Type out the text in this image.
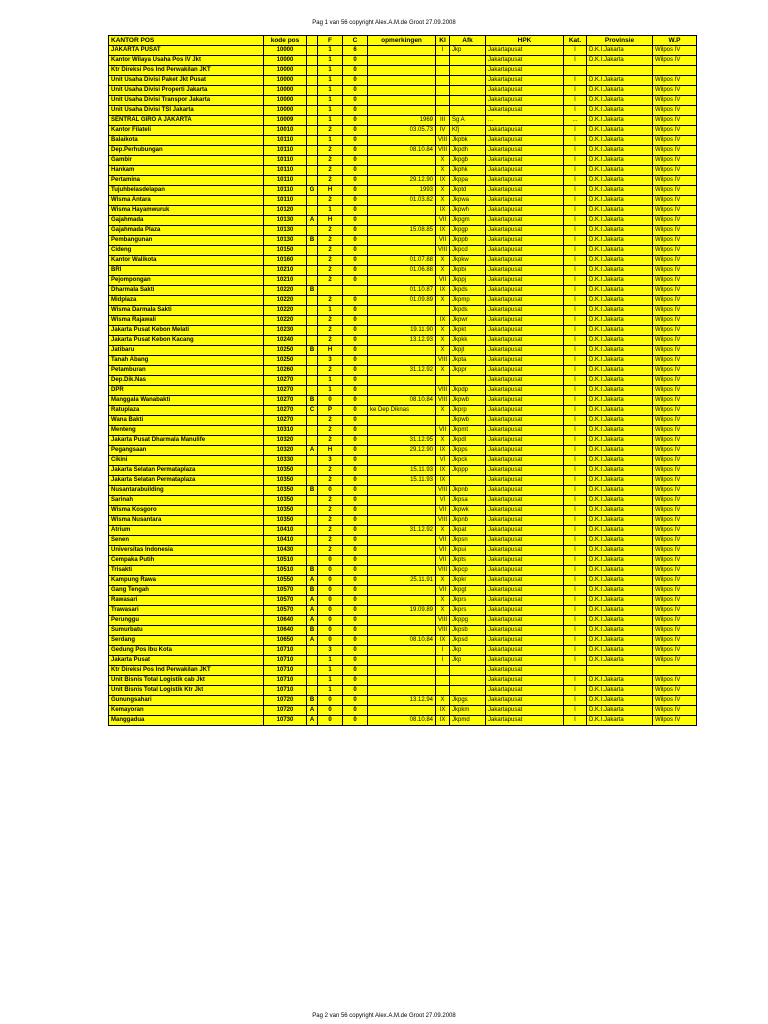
Pag 1 van 56 copyright Alex.A.M.de Groot 27.09.2008
KANTOR POS	kode pos		F	C	opmerkingen	Kl	Afk	HPK	Kat.	Provinsie	W.P
JAKARTA PUSAT	10000		1	6		I	Jkp	Jakartapusat	I	D.K.I.Jakarta	Wilpos IV
Kantor Wilaya Usaha Pos IV Jkt	10000		1	0				Jakartapusat	I	D.K.I.Jakarta	Wilpos IV
Ktr Direksi Pos Ind Perwakilan JKT	10000		1	0				Jakartapusat			
Unit Usaha Divisi Paket Jkt Pusat	10000		1	0				Jakartapusat	I	D.K.I.Jakarta	Wilpos IV
Unit Usaha Divisi Properti Jakarta	10000		1	0				Jakartapusat	I	D.K.I.Jakarta	Wilpos IV
Unit Usaha Divisi Transpor Jakarta	10000		1	0				Jakartapusat	I	D.K.I.Jakarta	Wilpos IV
Unit Usaha Divisi TSI Jakarta	10000		1	0				Jakartapusat	I	D.K.I.Jakarta	Wilpos IV
SENTRAL GIRO A JAKARTA	10009		1	0	1969	III	Sg A	...	...	D.K.I.Jakarta	Wilpos IV
Kantor Filateli	10010		2	0	03.05.73	IV	Kfj	Jakartapusat	I	D.K.I.Jakarta	Wilpos IV
Balaikota	10110		1	0		VIII	Jkpbk	Jakartapusat	I	D.K.I.Jakarta	Wilpos IV
Dep.Perhubungan	10110		2	0	08.10.84	VIII	Jkpdh	Jakartapusat	I	D.K.I.Jakarta	Wilpos IV
Gambir	10110		2	0		X	Jkpgb	Jakartapusat	I	D.K.I.Jakarta	Wilpos IV
Hankam	10110		2	0		X	Jkphk	Jakartapusat	I	D.K.I.Jakarta	Wilpos IV
Pertamina	10110		2	0	29.12.90	IX	Jkppa	Jakartapusat	I	D.K.I.Jakarta	Wilpos IV
Tujuhbelasdelapan	10110	G	H	0	1993	X	Jkptd	Jakartapusat	I	D.K.I.Jakarta	Wilpos IV
Wisma Antara	10110		2	0	01.03.82	X	Jkpwa	Jakartapusat	I	D.K.I.Jakarta	Wilpos IV
Wisma Hayamwuruk	10120		1	0		IX	Jkpwh	Jakartapusat	I	D.K.I.Jakarta	Wilpos IV
Gajahmada	10130	A	H	0		VII	Jkpgm	Jakartapusat	I	D.K.I.Jakarta	Wilpos IV
Gajahmada Plaza	10130		2	0	15.08.85	IX	Jkpgp	Jakartapusat	I	D.K.I.Jakarta	Wilpos IV
Pembangunan	10130	B	2	0		VII	Jkppb	Jakartapusat	I	D.K.I.Jakarta	Wilpos IV
Cideng	10150		2	0		VIII	Jkpcd	Jakartapusat	I	D.K.I.Jakarta	Wilpos IV
Kantor Walikota	10160		2	0	01.07.88	X	Jkpkw	Jakartapusat	I	D.K.I.Jakarta	Wilpos IV
BRI	10210		2	0	01.06.88	X	Jkpbi	Jakartapusat	I	D.K.I.Jakarta	Wilpos IV
Pejompongan	10210		2	0		VII	Jkppj	Jakartapusat	I	D.K.I.Jakarta	Wilpos IV
Dharmala Sakti	10220	B			01.10.87	IX	Jkpds	Jakartapusat	I	D.K.I.Jakarta	Wilpos IV
Midplaza	10220		2	0	01.09.89	X	Jkpmp	Jakartapusat	I	D.K.I.Jakarta	Wilpos IV
Wisma Darmala Sakti	10220		1	0			Jkpds	Jakartapusat	I	D.K.I.Jakarta	Wilpos IV
Wisma Rajawali	10220		2	0		IX	Jkpwr	Jakartapusat	I	D.K.I.Jakarta	Wilpos IV
Jakarta Pusat Kebon Melati	10230		2	0	19.11.90	X	Jkpkt	Jakartapusat	I	D.K.I.Jakarta	Wilpos IV
Jakarta Pusat Kebon Kacang	10240		2	0	13.12.93	X	Jkpkk	Jakartapusat	I	D.K.I.Jakarta	Wilpos IV
Jatibaru	10250	B	H	0		X	Jkpjt	Jakartapusat	I	D.K.I.Jakarta	Wilpos IV
Tanah Abang	10250		3	0		VIII	Jkpta	Jakartapusat	I	D.K.I.Jakarta	Wilpos IV
Petamburan	10260		2	0	31.12.92	X	Jkppr	Jakartapusat	I	D.K.I.Jakarta	Wilpos IV
Dep.Dik.Nas	10270		1	0				Jakartapusat	I	D.K.I.Jakarta	Wilpos IV
DPR	10270		1	0		VIII	Jkpdp	Jakartapusat	I	D.K.I.Jakarta	Wilpos IV
Manggala Wanabakti	10270	B	0	0	08.10.84	VIII	Jkpwb	Jakartapusat	I	D.K.I.Jakarta	Wilpos IV
Ratuplaza	10270	C	P	0	ke Dep Diknas	X	Jkprp	Jakartapusat	I	D.K.I.Jakarta	Wilpos IV
Wana Bakti	10270		2	0			Jkpwb	Jakartapusat	I	D.K.I.Jakarta	Wilpos IV
Menteng	10310		2	0		VII	Jkpmt	Jakartapusat	I	D.K.I.Jakarta	Wilpos IV
Jakarta Pusat Dharmala Manulife	10320		2	0	31.12.95	X	Jkpdl	Jakartapusat	I	D.K.I.Jakarta	Wilpos IV
Pegangsaan	10320	A	H	0	29.12.90	IX	Jkpps	Jakartapusat	I	D.K.I.Jakarta	Wilpos IV
Cikini	10330		3	0		VI	Jkpck	Jakartapusat	I	D.K.I.Jakarta	Wilpos IV
Jakarta Selatan Permataplaza	10350		2	0	15.11.93	IX	Jkppp	Jakartapusat	I	D.K.I.Jakarta	Wilpos IV
Jakarta Selatan Permataplaza	10350		2	0	15.11.93	IX		Jakartapusat	I	D.K.I.Jakarta	Wilpos IV
Nusantarabuilding	10350	B	0	0		VIII	Jkpnb	Jakartapusat	I	D.K.I.Jakarta	Wilpos IV
Sarinah	10350		2	0		VI	Jkpsa	Jakartapusat	I	D.K.I.Jakarta	Wilpos IV
Wisma Kosgoro	10350		2	0		VII	Jkpwk	Jakartapusat	I	D.K.I.Jakarta	Wilpos IV
Wisma Nusantara	10350		2	0		VIII	Jkpnb	Jakartapusat	I	D.K.I.Jakarta	Wilpos IV
Atrium	10410		2	0	31.12.92	X	Jkpat	Jakartapusat	I	D.K.I.Jakarta	Wilpos IV
Senen	10410		2	0		VII	Jkpsn	Jakartapusat	I	D.K.I.Jakarta	Wilpos IV
Universitas Indonesia	10430		2	0		VII	Jkpui	Jakartapusat	I	D.K.I.Jakarta	Wilpos IV
Cempaka Putih	10510		0	0		VII	Jkpts	Jakartapusat	I	D.K.I.Jakarta	Wilpos IV
Trisakti	10510	B	0	0		VIII	Jkpcp	Jakartapusat	I	D.K.I.Jakarta	Wilpos IV
Kampung Rawa	10550	A	0	0	25.11.91	X	Jkpkr	Jakartapusat	I	D.K.I.Jakarta	Wilpos IV
Gang Tengah	10570	B	0	0		VII	Jkpgt	Jakartapusat	I	D.K.I.Jakarta	Wilpos IV
Rawasari	10570	A	0	0		X	Jkprs	Jakartapusat	I	D.K.I.Jakarta	Wilpos IV
Trawasari	10570	A	0	0	19.09.89	X	Jkprs	Jakartapusat	I	D.K.I.Jakarta	Wilpos IV
Perunggu	10640	A	0	0		VIII	Jkppg	Jakartapusat	I	D.K.I.Jakarta	Wilpos IV
Sumurbatu	10640	B	0	0		VIII	Jkpsb	Jakartapusat	I	D.K.I.Jakarta	Wilpos IV
Serdang	10650	A	0	0	08.10.84	IX	Jkpsd	Jakartapusat	I	D.K.I.Jakarta	Wilpos IV
Gedung Pos Ibu Kota	10710		3	0		I	Jkp	Jakartapusat	I	D.K.I.Jakarta	Wilpos IV
Jakarta Pusat	10710		1	0		I	Jkp	Jakartapusat	I	D.K.I.Jakarta	Wilpos IV
Ktr Direksi Pos Ind Perwakilan JKT	10710		1	0				Jakartapusat			
Unit Bisnis Total Logistik cab Jkt	10710		1	0				Jakartapusat	I	D.K.I.Jakarta	Wilpos IV
Unit Bisnis Total Logistik Ktr Jkt	10710		1	0				Jakartapusat	I	D.K.I.Jakarta	Wilpos IV
Gunungsahari	10720	B	0	0	13.12.94	X	Jkpgs	Jakartapusat	I	D.K.I.Jakarta	Wilpos IV
Kemayoran	10720	A	0	0		IX	Jkpkm	Jakartapusat	I	D.K.I.Jakarta	Wilpos IV
Manggadua	10730	A	0	0	08.10.84	IX	Jkpmd	Jakartapusat	I	D.K.I.Jakarta	Wilpos IV
Pag 2 van 56 copyright Alex.A.M.de Groot 27.09.2008
